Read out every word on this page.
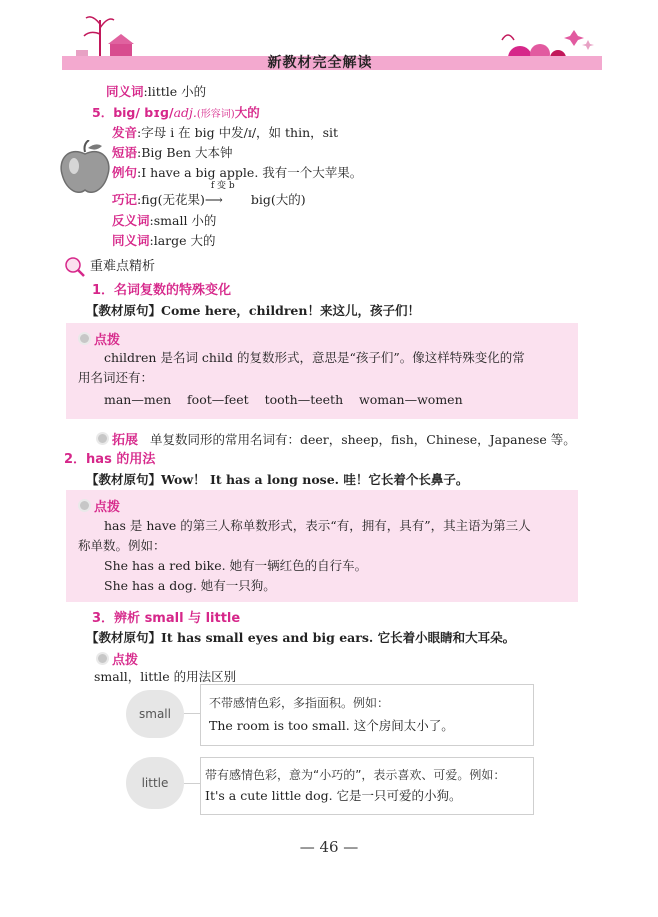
新教材完全解读
同义词:little 小的
5．big/ bɪɡ/adj.(形容词)大的
发音:字母 i 在 big 中发/ɪ/，如 thin，sit
短语:Big Ben 大本钟
例句:I have a big apple. 我有一个大苹果。
巧记:fig(无花果)
f 变 b
⟶ big(大的)
反义词:small 小的
同义词:large 大的
重难点精析
1．名词复数的特殊变化
【教材原句】Come here，children！来这儿，孩子们！
点拨
children 是名词 child 的复数形式，意思是“孩子们”。像这样特殊变化的常
用名词还有：
man—men    foot—feet    tooth—teeth    woman—women
拓展 单复数同形的常用名词有：deer，sheep，fish，Chinese，Japanese 等。
2．has 的用法
【教材原句】Wow！ It has a long nose. 哇！它长着个长鼻子。
点拨
has 是 have 的第三人称单数形式，表示“有，拥有，具有”，其主语为第三人
称单数。例如：
She has a red bike. 她有一辆红色的自行车。
She has a dog. 她有一只狗。
3．辨析 small 与 little
【教材原句】It has small eyes and big ears. 它长着小眼睛和大耳朵。
点拨
small，little 的用法区别
small
不带感情色彩，多指面积。例如：
The room is too small. 这个房间太小了。
little
带有感情色彩，意为“小巧的”，表示喜欢、可爱。例如：
It's a cute little dog. 它是一只可爱的小狗。
— 46 —
